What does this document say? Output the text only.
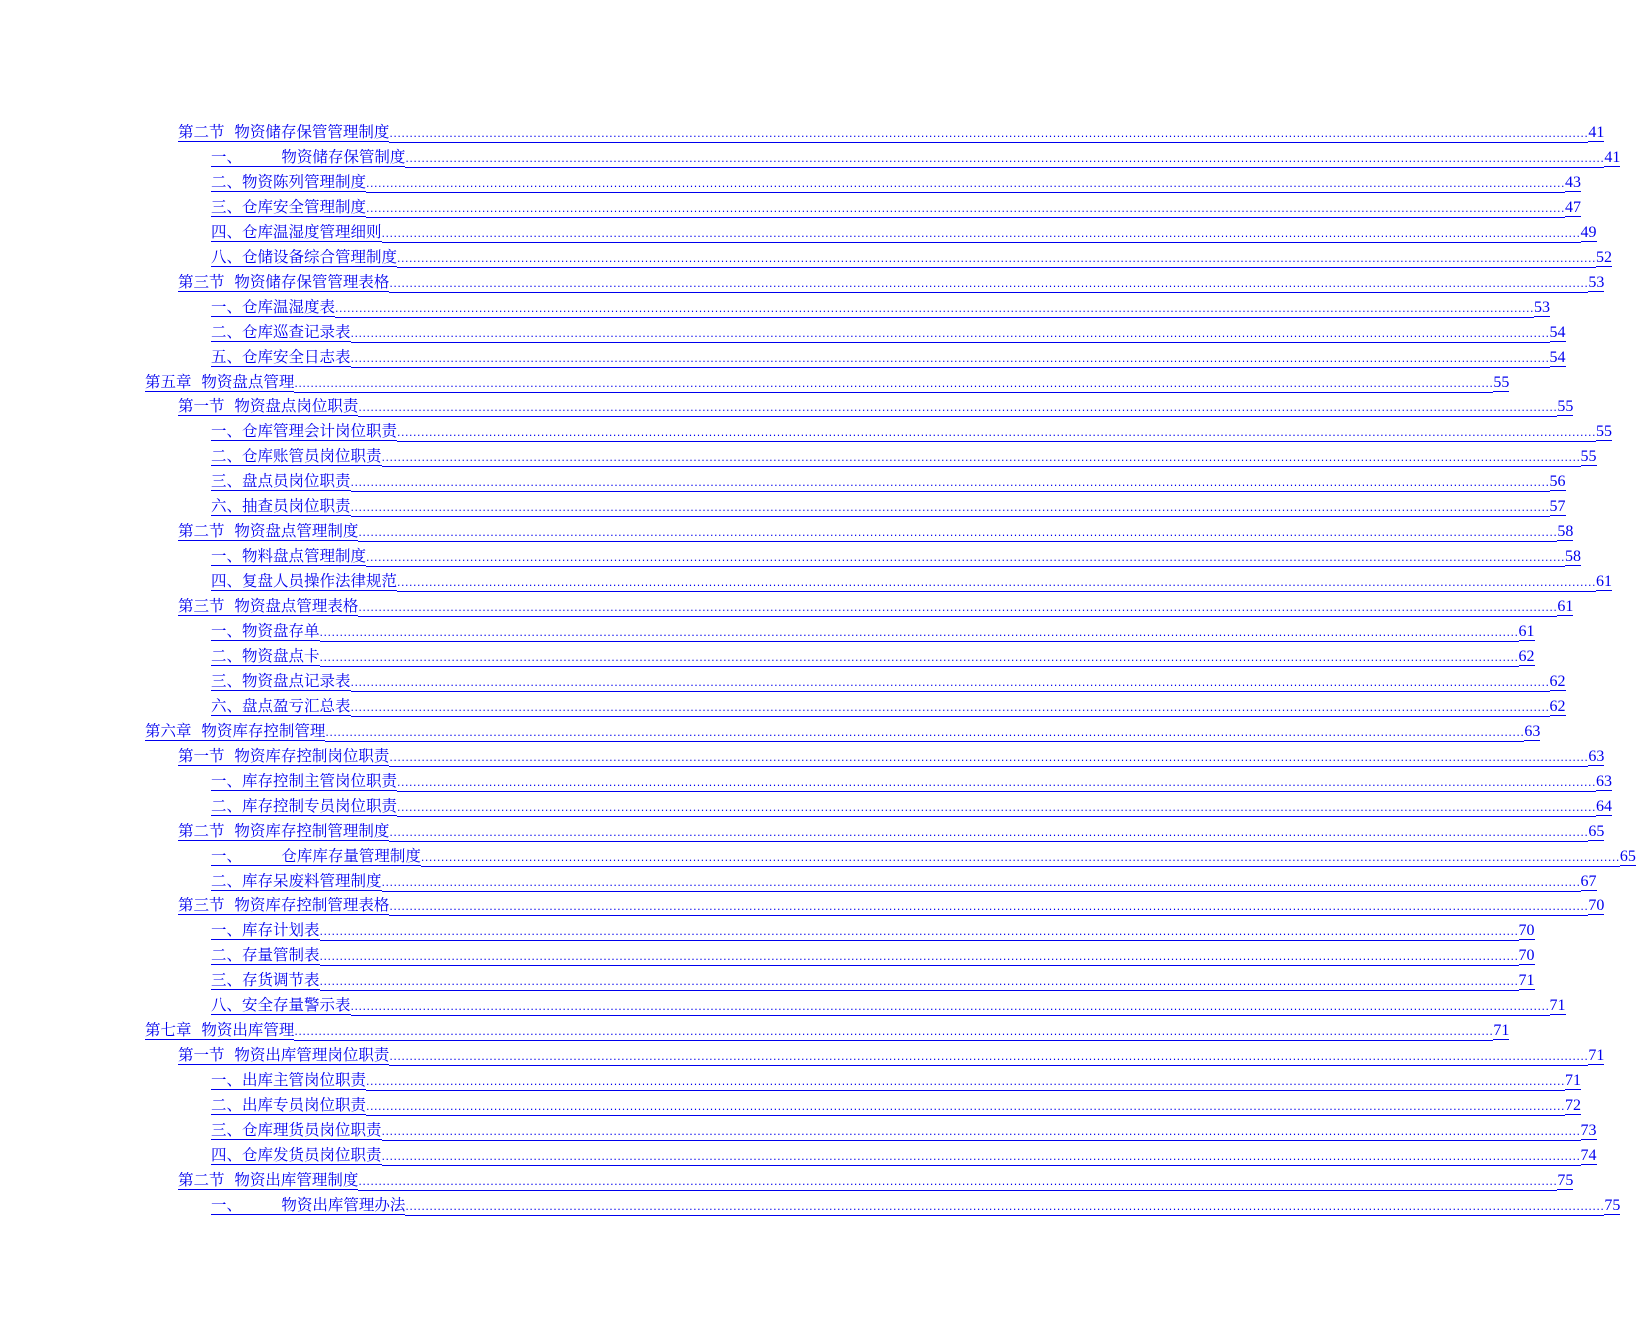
第二节  物资储存保管管理制度 ............................................................................................................................................................................................................................................................................................................ 41
一、        物资储存保管制度 ............................................................................................................................................................................................................................................................................................................ 41
二、物资陈列管理制度 ............................................................................................................................................................................................................................................................................................................ 43
三、仓库安全管理制度 ............................................................................................................................................................................................................................................................................................................ 47
四、仓库温湿度管理细则 ............................................................................................................................................................................................................................................................................................................ 49
八、仓储设备综合管理制度 ............................................................................................................................................................................................................................................................................................................ 52
第三节  物资储存保管管理表格 ............................................................................................................................................................................................................................................................................................................ 53
一、仓库温湿度表 ............................................................................................................................................................................................................................................................................................................ 53
二、仓库巡查记录表 ............................................................................................................................................................................................................................................................................................................ 54
五、仓库安全日志表 ............................................................................................................................................................................................................................................................................................................ 54
第五章  物资盘点管理 ............................................................................................................................................................................................................................................................................................................ 55
第一节  物资盘点岗位职责 ............................................................................................................................................................................................................................................................................................................ 55
一、仓库管理会计岗位职责 ............................................................................................................................................................................................................................................................................................................ 55
二、仓库账管员岗位职责 ............................................................................................................................................................................................................................................................................................................ 55
三、盘点员岗位职责 ............................................................................................................................................................................................................................................................................................................ 56
六、抽查员岗位职责 ............................................................................................................................................................................................................................................................................................................ 57
第二节  物资盘点管理制度 ............................................................................................................................................................................................................................................................................................................ 58
一、物料盘点管理制度 ............................................................................................................................................................................................................................................................................................................ 58
四、复盘人员操作法律规范 ............................................................................................................................................................................................................................................................................................................ 61
第三节  物资盘点管理表格 ............................................................................................................................................................................................................................................................................................................ 61
一、物资盘存单 ............................................................................................................................................................................................................................................................................................................ 61
二、物资盘点卡 ............................................................................................................................................................................................................................................................................................................ 62
三、物资盘点记录表 ............................................................................................................................................................................................................................................................................................................ 62
六、盘点盈亏汇总表 ............................................................................................................................................................................................................................................................................................................ 62
第六章  物资库存控制管理 ............................................................................................................................................................................................................................................................................................................ 63
第一节  物资库存控制岗位职责 ............................................................................................................................................................................................................................................................................................................ 63
一、库存控制主管岗位职责 ............................................................................................................................................................................................................................................................................................................ 63
二、库存控制专员岗位职责 ............................................................................................................................................................................................................................................................................................................ 64
第二节  物资库存控制管理制度 ............................................................................................................................................................................................................................................................................................................ 65
一、        仓库库存量管理制度 ............................................................................................................................................................................................................................................................................................................ 65
二、库存呆废料管理制度 ............................................................................................................................................................................................................................................................................................................ 67
第三节  物资库存控制管理表格 ............................................................................................................................................................................................................................................................................................................ 70
一、库存计划表 ............................................................................................................................................................................................................................................................................................................ 70
二、存量管制表 ............................................................................................................................................................................................................................................................................................................ 70
三、存货调节表 ............................................................................................................................................................................................................................................................................................................ 71
八、安全存量警示表 ............................................................................................................................................................................................................................................................................................................ 71
第七章  物资出库管理 ............................................................................................................................................................................................................................................................................................................ 71
第一节  物资出库管理岗位职责 ............................................................................................................................................................................................................................................................................................................ 71
一、出库主管岗位职责 ............................................................................................................................................................................................................................................................................................................ 71
二、出库专员岗位职责 ............................................................................................................................................................................................................................................................................................................ 72
三、仓库理货员岗位职责 ............................................................................................................................................................................................................................................................................................................ 73
四、仓库发货员岗位职责 ............................................................................................................................................................................................................................................................................................................ 74
第二节  物资出库管理制度 ............................................................................................................................................................................................................................................................................................................ 75
一、        物资出库管理办法 ............................................................................................................................................................................................................................................................................................................ 75
